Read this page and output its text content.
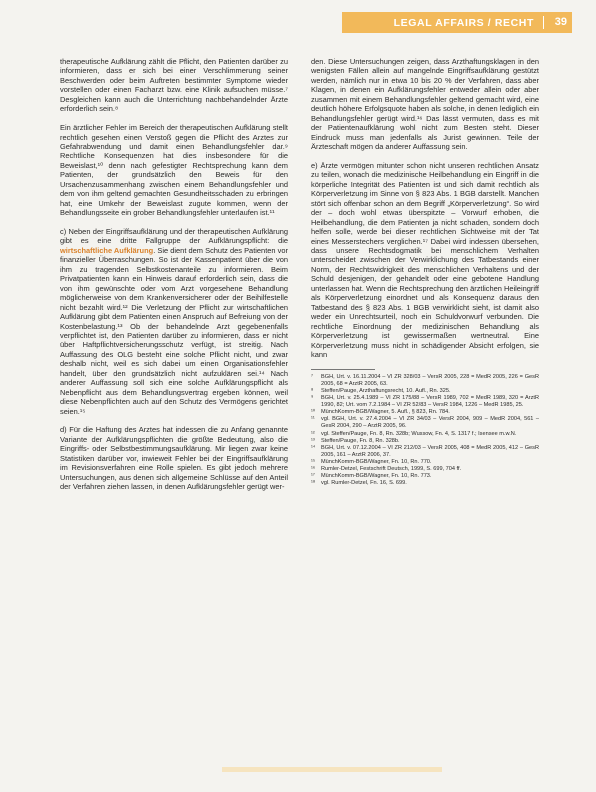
LEGAL AFFAIRS / RECHT 39

therapeutische Aufklärung zählt die Pflicht, den Patienten darüber zu informieren, dass er sich bei einer Verschlimmerung seiner Beschwerden oder beim Auftreten bestimmter Symptome wieder vorstellen oder einen Facharzt bzw. eine Klinik aufsuchen müsse.⁷ Desgleichen kann auch die Unterrichtung nachbehandelnder Ärzte erforderlich sein.⁸

Ein ärztlicher Fehler im Bereich der therapeutischen Aufklärung stellt rechtlich gesehen einen Verstoß gegen die Pflicht des Arztes zur Gefahrabwendung und damit einen Behandlungsfehler dar.⁹ Rechtliche Konsequenzen hat dies insbesondere für die Beweislast,¹⁰ denn nach gefestigter Rechtsprechung kann dem Patienten, der grundsätzlich den Beweis für den Ursachenzusammenhang zwischen einem Behandlungsfehler und dem von ihm geltend gemachten Gesundheitsschaden zu erbringen hat, eine Umkehr der Beweislast zugute kommen, wenn der Behandlungsseite ein grober Behandlungsfehler unterlaufen ist.¹¹

c) Neben der Eingriffsaufklärung und der therapeutischen Aufklärung gibt es eine dritte Fallgruppe der Aufklärungspflicht: die wirtschaftliche Aufklärung. Sie dient dem Schutz des Patienten vor finanzieller Überraschungen. So ist der Kassenpatient über die von ihm zu tragenden Selbstkostenanteile zu informieren. Beim Privatpatienten kann ein Hinweis darauf erforderlich sein, dass die von ihm gewünschte oder vom Arzt vorgesehene Behandlung möglicherweise von dem Krankenversicherer oder der Beihilfestelle nicht bezahlt wird.¹² Die Verletzung der Pflicht zur wirtschaftlichen Aufklärung gibt dem Patienten einen Anspruch auf Befreiung von der Kostenbelastung.¹³ Ob der behandelnde Arzt gegebenenfalls verpflichtet ist, den Patienten darüber zu informieren, dass er nicht über Haftpflichtversicherungsschutz verfügt, ist streitig. Nach Auffassung des OLG besteht eine solche Pflicht nicht, und zwar deshalb nicht, weil es sich dabei um einen Organisationsfehler handelt, über den grundsätzlich nicht aufzuklären sei.¹⁴ Nach anderer Auffassung soll sich eine solche Aufklärungspflicht als Nebenpflicht aus dem Behandlungsvertrag ergeben können, weil diese Nebenpflichten auch auf den Schutz des Vermögens gerichtet seien.¹⁵

d) Für die Haftung des Arztes hat indessen die zu Anfang genannte Variante der Aufklärungspflichten die größte Bedeutung, also die Eingriffs- oder Selbstbestimmungsaufklärung. Mir liegen zwar keine Statistiken darüber vor, inwieweit Fehler bei der Eingriffsaufklärung im Revisionsverfahren eine Rolle spielen. Es gibt jedoch mehrere Untersuchungen, aus denen sich allgemeine Schlüsse auf den Anteil der Verfahren ziehen lassen, in denen Aufklärungsfehler gerügt wer-

den. Diese Untersuchungen zeigen, dass Arzthaftungsklagen in den wenigsten Fällen allein auf mangelnde Eingriffsaufklärung gestützt werden, nämlich nur in etwa 10 bis 20 % der Verfahren, dass aber Klagen, in denen ein Aufklärungsfehler entweder allein oder aber zusammen mit einem Behandlungsfehler geltend gemacht wird, eine deutlich höhere Erfolgsquote haben als solche, in denen lediglich ein Behandlungsfehler gerügt wird.¹⁶ Das lässt vermuten, dass es mit der Patientenaufklärung wohl nicht zum Besten steht. Dieser Eindruck muss man jedenfalls als Jurist gewinnen. Teile der Ärzteschaft mögen da anderer Auffassung sein.

e) Ärzte vermögen mitunter schon nicht unseren rechtlichen Ansatz zu teilen, wonach die medizinische Heilbehandlung ein Eingriff in die körperliche Integrität des Patienten ist und sich damit rechtlich als Körperverletzung im Sinne von § 823 Abs. 1 BGB darstellt. Manchen stört sich offenbar schon an dem Begriff „Körperverletzung“. So wird der – doch wohl etwas überspitzte – Vorwurf erhoben, die Heilbehandlung, die dem Patienten ja nicht schaden, sondern doch helfen solle, werde bei dieser rechtlichen Sichtweise mit der Tat eines Messerstechers verglichen.¹⁷ Dabei wird indessen übersehen, dass unsere Rechtsdogmatik bei menschlichem Verhalten unterscheidet zwischen der Verwirklichung des Tatbestands einer Norm, der Rechtswidrigkeit des menschlichen Verhaltens und der Schuld desjenigen, der gehandelt oder eine gebotene Handlung unterlassen hat. Wenn die Rechtsprechung den ärztlichen Heileingriff als Körperverletzung einordnet und als Konsequenz daraus den Tatbestand des § 823 Abs. 1 BGB verwirklicht sieht, ist damit also weder ein Unrechtsurteil, noch ein Schuldvorwurf verbunden. Die rechtliche Einordnung der medizinischen Behandlung als Körperverletzung ist gewissermaßen wertneutral. Eine Körperverletzung muss nicht in schädigender Absicht erfolgen, sie kann

⁷	BGH, Urt. v. 16.11.2004 – VI ZR 328/03 – VersR 2005, 228 = MedR 2005, 226 = GesR 2005, 68 = ArztR 2005, 63.
⁸	Steffen/Pauge, Arzthaftungsrecht, 10. Aufl., Rn. 325.
⁹	BGH, Urt. v. 25.4.1989 – VI ZR 175/88 – VersR 1989, 702 = MedR 1989, 320 = ArztR 1990, 82; Urt. vom 7.2.1984 – VI ZR 52/83 – VersR 1984, 1226 – MedR 1985, 25.
¹⁰	MünchKomm-BGB/Wagner, 5. Aufl., § 823, Rn. 784.
¹¹	vgl. BGH, Urt. v. 27.4.2004 – VI ZR 34/03 – VersR 2004, 909 – MedR 2004, 561 – GesR 2004, 290 – ArztR 2005, 96.
¹²	vgl. Steffen/Pauge, Fn. 8, Rn. 328b; Wussow, Fn. 4, S. 1317 f.; Isensee m.w.N.
¹³	Steffen/Pauge, Fn. 8, Rn. 328b.
¹⁴	BGH, Urt. v. 07.12.2004 – VI ZR 212/03 – VersR 2005, 408 = MedR 2005, 412 – GesR 2005, 161 – ArztR 2006, 37.
¹⁵	MünchKomm-BGB/Wagner, Fn. 10, Rn. 770.
¹⁶	Rumler-Detzel, Festschrift Deutsch, 1999, S. 699, 704 ff.
¹⁷	MünchKomm-BGB/Wagner, Fn. 10, Rn. 773.
¹⁸	vgl. Rumler-Detzel, Fn. 16, S. 699.
